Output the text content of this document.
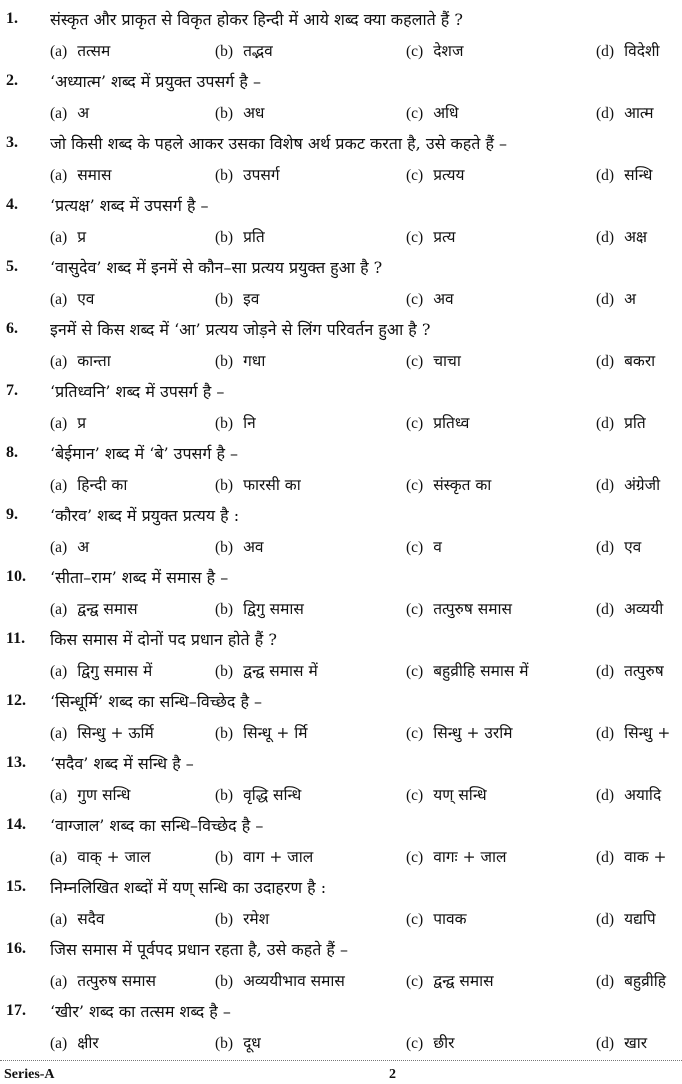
1. संस्कृत और प्राकृत से विकृत होकर हिन्दी में आये शब्द क्या कहलाते हैं ?
(a) तत्सम	(b) तद्भव	(c) देशज	(d) विदेशी
2. ‘अध्यात्म’ शब्द में प्रयुक्त उपसर्ग है –
(a) अ	(b) अध	(c) अधि	(d) आत्म
3. जो किसी शब्द के पहले आकर उसका विशेष अर्थ प्रकट करता है, उसे कहते हैं –
(a) समास	(b) उपसर्ग	(c) प्रत्यय	(d) सन्धि
4. ‘प्रत्यक्ष’ शब्द में उपसर्ग है –
(a) प्र	(b) प्रति	(c) प्रत्य	(d) अक्ष
5. ‘वासुदेव’ शब्द में इनमें से कौन–सा प्रत्यय प्रयुक्त हुआ है ?
(a) एव	(b) इव	(c) अव	(d) अ
6. इनमें से किस शब्द में ‘आ’ प्रत्यय जोड़ने से लिंग परिवर्तन हुआ है ?
(a) कान्ता	(b) गधा	(c) चाचा	(d) बकरा
7. ‘प्रतिध्वनि’ शब्द में उपसर्ग है –
(a) प्र	(b) नि	(c) प्रतिध्व	(d) प्रति
8. ‘बेईमान’ शब्द में ‘बे’ उपसर्ग है –
(a) हिन्दी का	(b) फारसी का	(c) संस्कृत का	(d) अंग्रेजी
9. ‘कौरव’ शब्द में प्रयुक्त प्रत्यय है :
(a) अ	(b) अव	(c) व	(d) एव
10. ‘सीता–राम’ शब्द में समास है –
(a) द्वन्द्व समास	(b) द्विगु समास	(c) तत्पुरुष समास	(d) अव्ययी
11. किस समास में दोनों पद प्रधान होते हैं ?
(a) द्विगु समास में	(b) द्वन्द्व समास में	(c) बहुव्रीहि समास में	(d) तत्पुरुष
12. ‘सिन्धूर्मि’ शब्द का सन्धि–विच्छेद है –
(a) सिन्धु + ऊर्मि	(b) सिन्धू + र्मि	(c) सिन्धु + उरमि	(d) सिन्धु +
13. ‘सदैव’ शब्द में सन्धि है –
(a) गुण सन्धि	(b) वृद्धि सन्धि	(c) यण् सन्धि	(d) अयादि
14. ‘वाग्जाल’ शब्द का सन्धि–विच्छेद है –
(a) वाक् + जाल	(b) वाग + जाल	(c) वागः + जाल	(d) वाक +
15. निम्नलिखित शब्दों में यण् सन्धि का उदाहरण है :
(a) सदैव	(b) रमेश	(c) पावक	(d) यद्यपि
16. जिस समास में पूर्वपद प्रधान रहता है, उसे कहते हैं –
(a) तत्पुरुष समास	(b) अव्ययीभाव समास	(c) द्वन्द्व समास	(d) बहुव्रीहि
17. ‘खीर’ शब्द का तत्सम शब्द है –
(a) क्षीर	(b) दूध	(c) छीर	(d) खार
Series-A	2
